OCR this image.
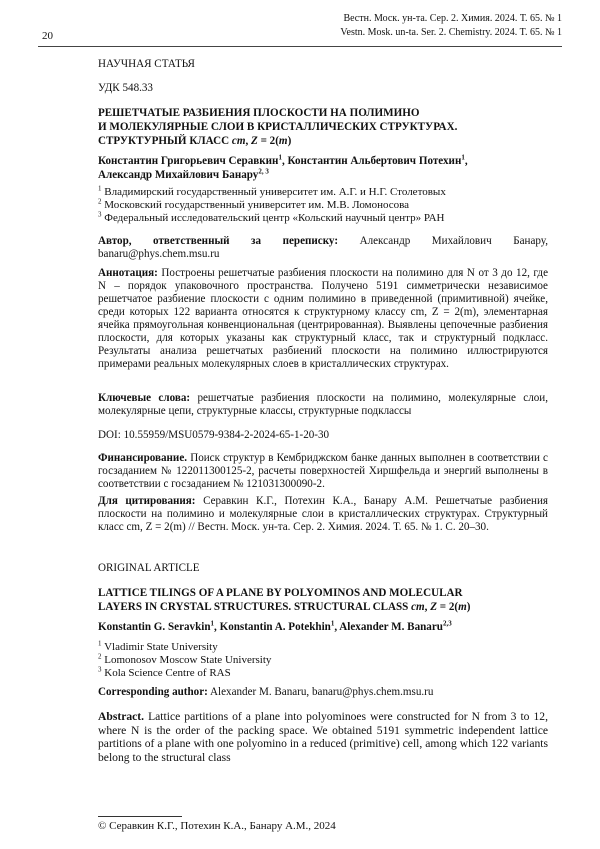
20
Вестн. Моск. ун-та. Сер. 2. Химия. 2024. Т. 65. № 1
Vestn. Mosk. un-ta. Ser. 2. Chemistry. 2024. T. 65. № 1
НАУЧНАЯ СТАТЬЯ
УДК 548.33
РЕШЕТЧАТЫЕ РАЗБИЕНИЯ ПЛОСКОСТИ НА ПОЛИМИНО
И МОЛЕКУЛЯРНЫЕ СЛОИ В КРИСТАЛЛИЧЕСКИХ СТРУКТУРАХ.
СТРУКТУРНЫЙ КЛАСС cm, Z = 2(m)
Константин Григорьевич Серавкин$^1$, Константин Альбертович Потехин$^1$,
Александр Михайлович Банару$^{2, 3}$
$^1$ Владимирский государственный университет им. А.Г. и Н.Г. Столетовых
$^2$ Московский государственный университет им. М.В. Ломоносова
$^3$ Федеральный исследовательский центр «Кольский научный центр» РАН
Автор, ответственный за переписку: Александр Михайлович Банару, banaru@phys.chem.msu.ru
Аннотация: Построены решетчатые разбиения плоскости на полимино для N от 3 до 12, где N – порядок упаковочного пространства. Получено 5191 симметрически независимое решетчатое разбиение плоскости с одним полимино в приведенной (примитивной) ячейке, среди которых 122 варианта относятся к структурному классу cm, Z = 2(m), элементарная ячейка прямоугольная конвенциональная (центрированная). Выявлены цепочечные разбиения плоскости, для которых указаны как структурный класс, так и структурный подкласс. Результаты анализа решетчатых разбиений плоскости на полимино иллюстрируются примерами реальных молекулярных слоев в кристаллических структурах.
Ключевые слова: решетчатые разбиения плоскости на полимино, молекулярные слои, молекулярные цепи, структурные классы, структурные подклассы
DOI: 10.55959/MSU0579-9384-2-2024-65-1-20-30
Финансирование. Поиск структур в Кембриджском банке данных выполнен в соответствии с госзаданием № 122011300125-2, расчеты поверхностей Хиршфельда и энергий выполнены в соответствии с госзаданием № 121031300090-2.
Для цитирования: Серавкин К.Г., Потехин К.А., Банару А.М. Решетчатые разбиения плоскости на полимино и молекулярные слои в кристаллических структурах. Структурный класс cm, Z = 2(m) // Вестн. Моск. ун-та. Сер. 2. Химия. 2024. Т. 65. № 1. С. 20–30.
ORIGINAL ARTICLE
LATTICE TILINGS OF A PLANE BY POLYOMINOS AND MOLECULAR
LAYERS IN CRYSTAL STRUCTURES. STRUCTURAL CLASS cm, Z = 2(m)
Konstantin G. Seravkin$^1$, Konstantin A. Potekhin$^1$, Alexander M. Banaru$^{2,3}$
$^1$ Vladimir State University
$^2$ Lomonosov Moscow State University
$^3$ Kola Science Centre of RAS
Corresponding author: Alexander M. Banaru, banaru@phys.chem.msu.ru
Abstract. Lattice partitions of a plane into polyominoes were constructed for N from 3 to 12, where N is the order of the packing space. We obtained 5191 symmetric independent lattice partitions of a plane with one polyomino in a reduced (primitive) cell, among which 122 variants belong to the structural class
© Серавкин К.Г., Потехин К.А., Банару А.М., 2024
